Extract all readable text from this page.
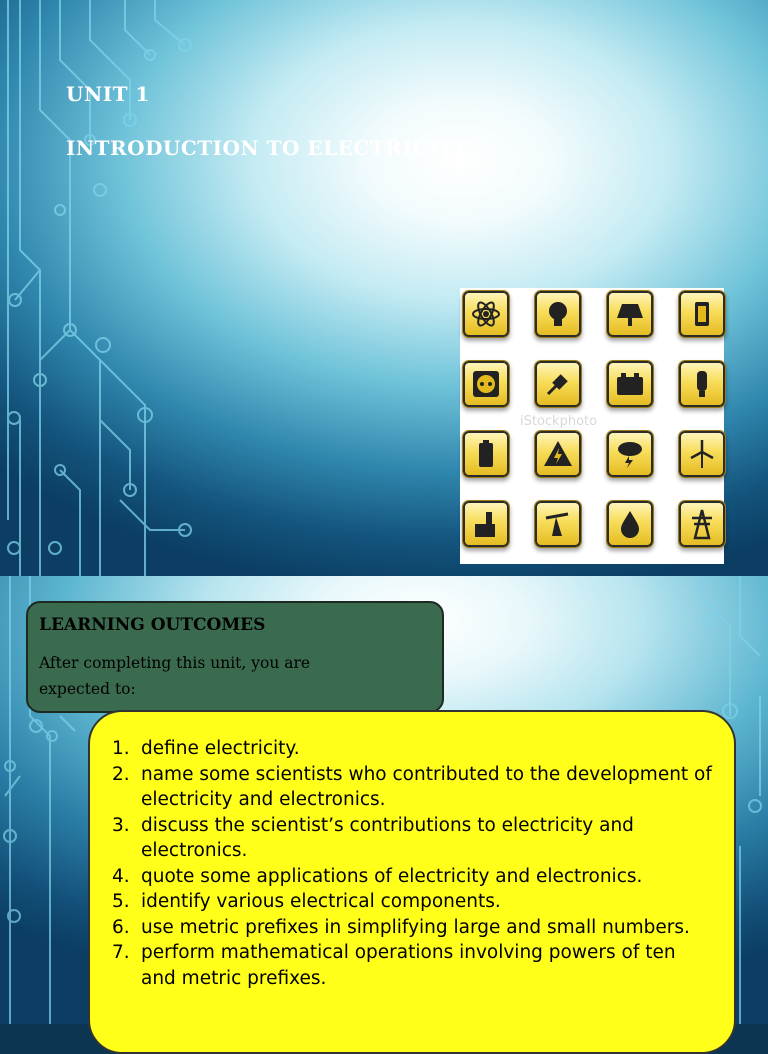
UNIT 1
INTRODUCTION TO ELECTRICITY
iStockphoto
LEARNING OUTCOMES

After completing this unit, you are expected to:

1. define electricity.
2. name some scientists who contributed to the development of electricity and electronics.
3. discuss the scientist’s contributions to electricity and electronics.
4. quote some applications of electricity and electronics.
5. identify various electrical components.
6. use metric prefixes in simplifying large and small numbers.
7. perform mathematical operations involving powers of ten and metric prefixes.
